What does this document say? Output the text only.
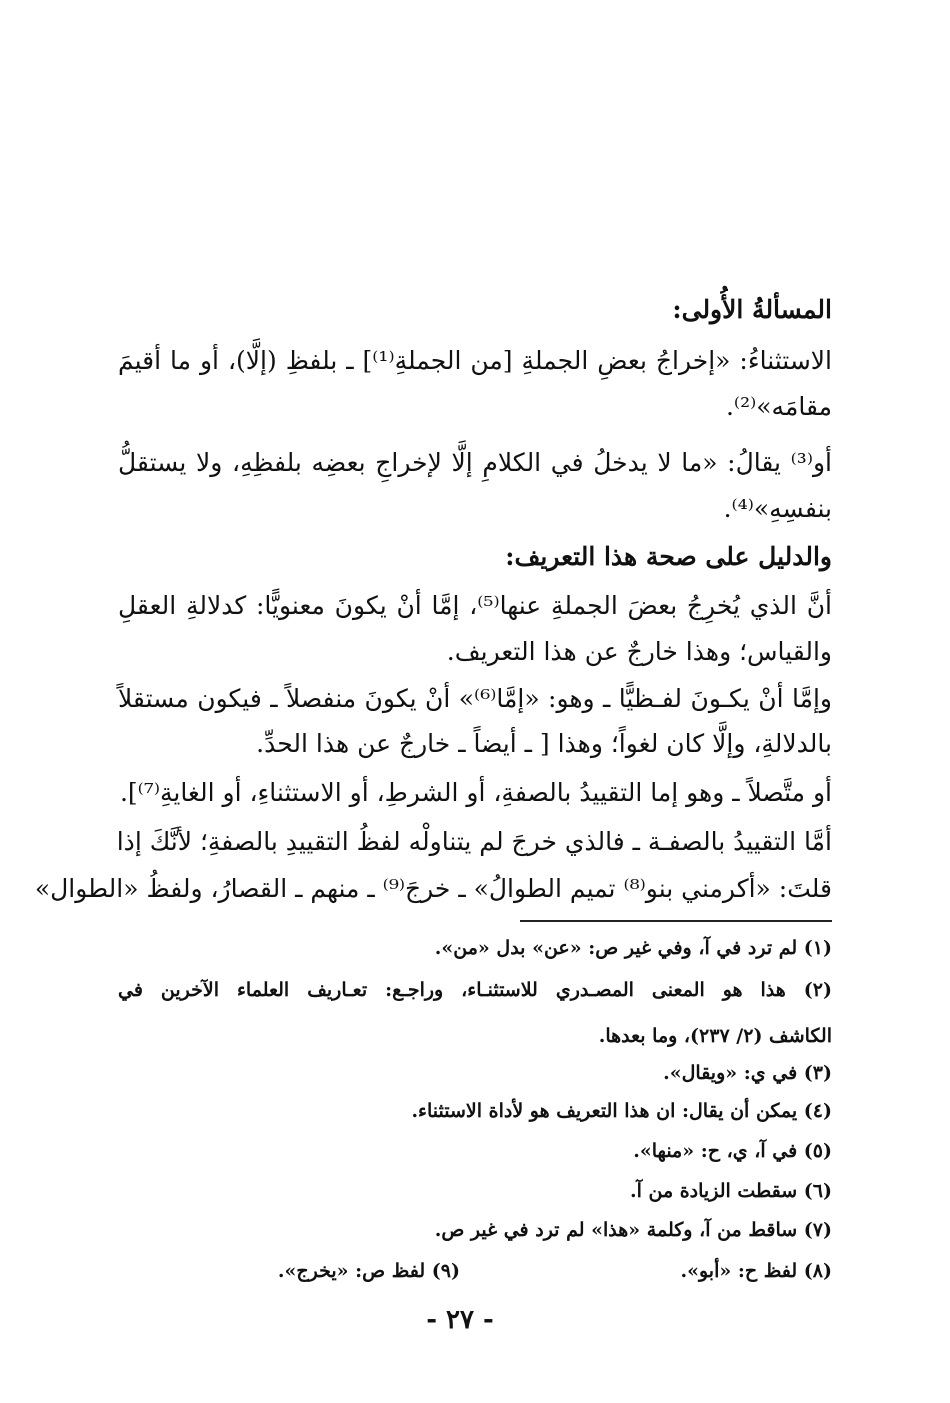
المسألةُ الأُولى:
الاستثناءُ: «إخراجُ بعضِ الجملةِ [من الجملةِ⁽¹⁾] ـ بلفظِ (إلَّا)، أو ما أقيمَ
مقامَه»⁽²⁾.
أو⁽³⁾ يقالُ: «ما لا يدخلُ في الكلامِ إلَّا لإخراجِ بعضِه بلفظِهِ، ولا يستقلُّ
بنفسِهِ»⁽⁴⁾.
والدليل على صحة هذا التعريف:
أنَّ الذي يُخرِجُ بعضَ الجملةِ عنها⁽⁵⁾، إمَّا أنْ يكونَ معنويًّا: كدلالةِ العقلِ
والقياس؛ وهذا خارجٌ عن هذا التعريف.
وإمَّا أنْ يكـونَ لفـظيًّا ـ وهو: «إمَّا⁽⁶⁾» أنْ يكونَ منفصلاً ـ فيكون مستقلاً
بالدلالةِ، وإلَّا كان لغواً؛ وهذا [ ـ أيضاً ـ خارجٌ عن هذا الحدِّ.
أو متَّصلاً ـ وهو إما التقييدُ بالصفةِ، أو الشرطِ، أو الاستثناءِ، أو الغايةِ⁽⁷⁾].
أمَّا التقييدُ بالصفـة ـ فالذي خرجَ لم يتناولْه لفظُ التقييدِ بالصفةِ؛ لأنَّكَ إذا
قلتَ: «أكرمني بنو⁽⁸⁾ تميم الطوالُ» ـ خرجَ⁽⁹⁾ ـ منهم ـ القصارُ، ولفظُ «الطوال»
(١) لم ترد في آ، وفي غير ص: «عن» بدل «من».
(٢) هذا هو المعنى المصـدري للاستثنـاء، وراجـع: تعـاريف العلماء الآخرين في
الكاشف (٢/ ٢٣٧)، وما بعدها.
(٣) في ي: «ويقال».
(٤) يمكن أن يقال: ان هذا التعريف هو لأداة الاستثناء.
(٥) في آ، ي، ح: «منها».
(٦) سقطت الزيادة من آ.
(٧) ساقط من آ، وكلمة «هذا» لم ترد في غير ص.
(٨) لفظ ح: «أبو».
(٩) لفظ ص: «يخرج».
- ٢٧ -
